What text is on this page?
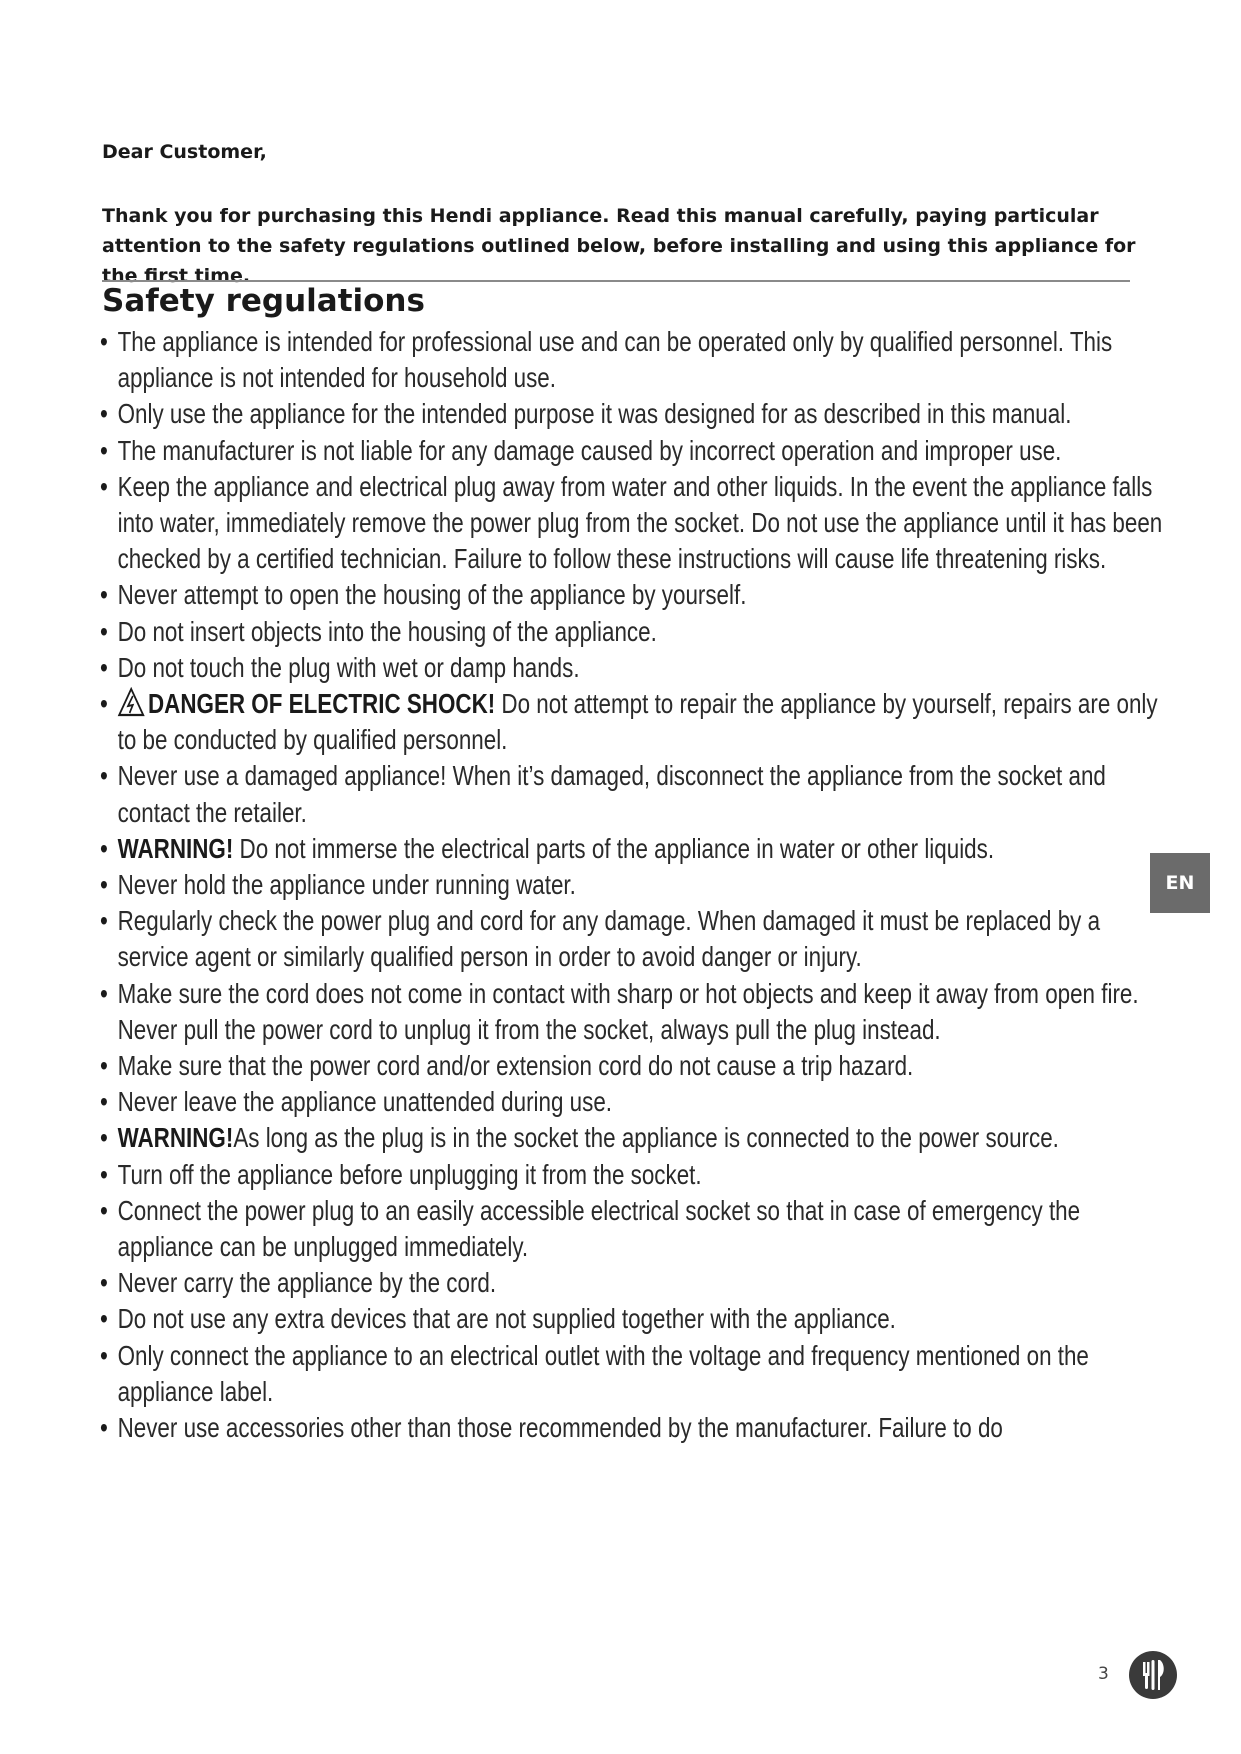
Dear Customer,

Thank you for purchasing this Hendi appliance. Read this manual carefully, paying particular attention to the safety regulations outlined below, before installing and using this appliance for the first time.

Safety regulations
• The appliance is intended for professional use and can be operated only by qualified personnel. This appliance is not intended for household use.
• Only use the appliance for the intended purpose it was designed for as described in this manual.
• The manufacturer is not liable for any damage caused by incorrect operation and improper use.
• Keep the appliance and electrical plug away from water and other liquids. In the event the appliance falls into water, immediately remove the power plug from the socket. Do not use the appliance until it has been checked by a certified technician. Failure to follow these instructions will cause life threatening risks.
• Never attempt to open the housing of the appliance by yourself.
• Do not insert objects into the housing of the appliance.
• Do not touch the plug with wet or damp hands.
• DANGER OF ELECTRIC SHOCK! Do not attempt to repair the appliance by yourself, repairs are only to be conducted by qualified personnel.
• Never use a damaged appliance! When it’s damaged, disconnect the appliance from the socket and contact the retailer.
• WARNING! Do not immerse the electrical parts of the appliance in water or other liquids.
• Never hold the appliance under running water.
• Regularly check the power plug and cord for any damage. When damaged it must be replaced by a service agent or similarly qualified person in order to avoid danger or injury.
• Make sure the cord does not come in contact with sharp or hot objects and keep it away from open fire. Never pull the power cord to unplug it from the socket, always pull the plug instead.
• Make sure that the power cord and/or extension cord do not cause a trip hazard.
• Never leave the appliance unattended during use.
• WARNING!As long as the plug is in the socket the appliance is connected to the power source.
• Turn off the appliance before unplugging it from the socket.
• Connect the power plug to an easily accessible electrical socket so that in case of emergency the appliance can be unplugged immediately.
• Never carry the appliance by the cord.
• Do not use any extra devices that are not supplied together with the appliance.
• Only connect the appliance to an electrical outlet with the voltage and frequency mentioned on the appliance label.
• Never use accessories other than those recommended by the manufacturer. Failure to do
EN
3
